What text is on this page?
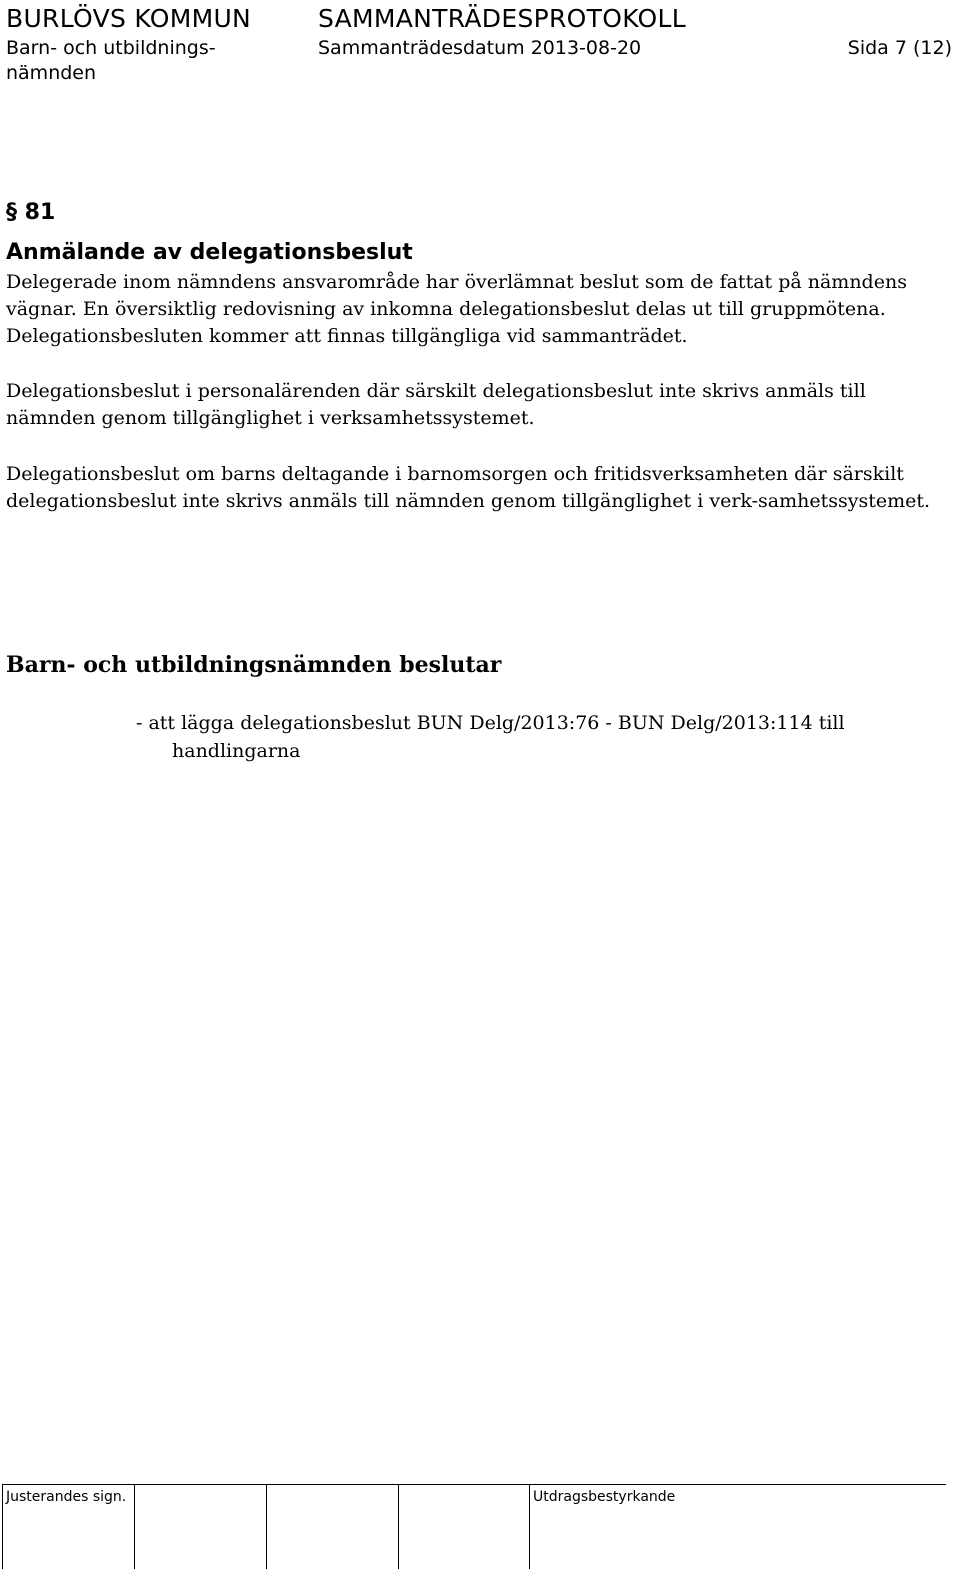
BURLÖVS KOMMUN	SAMMANTRÄDESPROTOKOLL
Barn- och utbildnings-
nämnden
Sammanträdesdatum 2013-08-20	Sida 7 (12)
§ 81
Anmälande av delegationsbeslut

Delegerade inom nämndens ansvarområde har överlämnat beslut som de fattat på nämndens vägnar. En översiktlig redovisning av inkomna delegationsbeslut delas ut till gruppmötena. Delegationsbesluten kommer att finnas tillgängliga vid sammanträdet.

Delegationsbeslut i personalärenden där särskilt delegationsbeslut inte skrivs anmäls till nämnden genom tillgänglighet i verksamhetssystemet.

Delegationsbeslut om barns deltagande i barnomsorgen och fritidsverksamheten där särskilt delegationsbeslut inte skrivs anmäls till nämnden genom tillgänglighet i verk-samhetssystemet.

Barn- och utbildningsnämnden beslutar

- att lägga delegationsbeslut BUN Delg/2013:76 - BUN Delg/2013:114 till handlingarna

Justerandes sign.	Utdragsbestyrkande
